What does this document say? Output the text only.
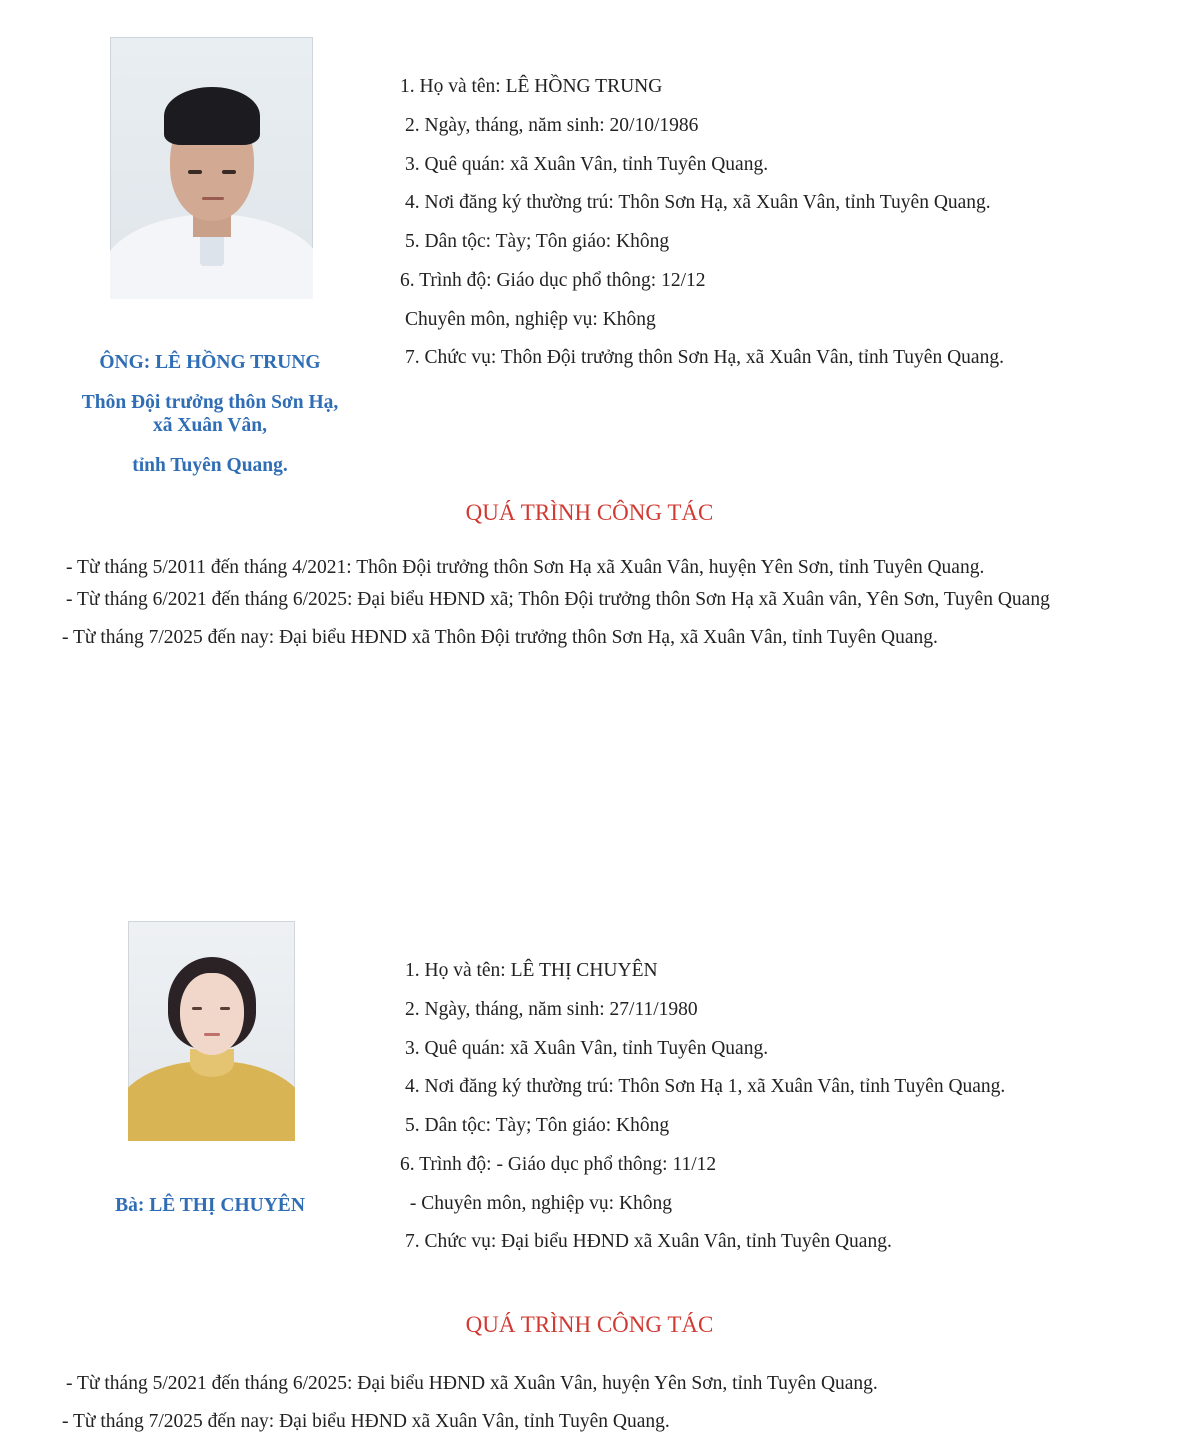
ÔNG: LÊ HỒNG TRUNG
Thôn Đội trưởng thôn Sơn Hạ,
xã Xuân Vân,
tỉnh Tuyên Quang.
1. Họ và tên: LÊ HỒNG TRUNG
2. Ngày, tháng, năm sinh: 20/10/1986
3. Quê quán: xã Xuân Vân, tỉnh Tuyên Quang.
4. Nơi đăng ký thường trú: Thôn Sơn Hạ, xã Xuân Vân, tỉnh Tuyên Quang.
5. Dân tộc: Tày; Tôn giáo: Không
6. Trình độ: Giáo dục phổ thông: 12/12
Chuyên môn, nghiệp vụ: Không
7. Chức vụ: Thôn Đội trưởng thôn Sơn Hạ, xã Xuân Vân, tỉnh Tuyên Quang.
QUÁ TRÌNH CÔNG TÁC
- Từ tháng 5/2011 đến tháng 4/2021: Thôn Đội trưởng thôn Sơn Hạ xã Xuân Vân, huyện Yên Sơn, tỉnh Tuyên Quang.
- Từ tháng 6/2021 đến tháng 6/2025: Đại biểu HĐND xã; Thôn Đội trưởng thôn Sơn Hạ xã Xuân vân, Yên Sơn, Tuyên Quang
- Từ tháng 7/2025 đến nay: Đại biểu HĐND xã Thôn Đội trưởng thôn Sơn Hạ, xã Xuân Vân, tỉnh Tuyên Quang.
Bà: LÊ THỊ CHUYÊN
1. Họ và tên: LÊ THỊ CHUYÊN
2. Ngày, tháng, năm sinh: 27/11/1980
3. Quê quán: xã Xuân Vân, tỉnh Tuyên Quang.
4. Nơi đăng ký thường trú: Thôn Sơn Hạ 1, xã Xuân Vân, tỉnh Tuyên Quang.
5. Dân tộc: Tày; Tôn giáo: Không
6. Trình độ: - Giáo dục phổ thông: 11/12
- Chuyên môn, nghiệp vụ: Không
7. Chức vụ: Đại biểu HĐND xã Xuân Vân, tỉnh Tuyên Quang.
QUÁ TRÌNH CÔNG TÁC
- Từ tháng 5/2021 đến tháng 6/2025: Đại biểu HĐND xã Xuân Vân, huyện Yên Sơn, tỉnh Tuyên Quang.
- Từ tháng 7/2025 đến nay: Đại biểu HĐND xã Xuân Vân, tỉnh Tuyên Quang.
